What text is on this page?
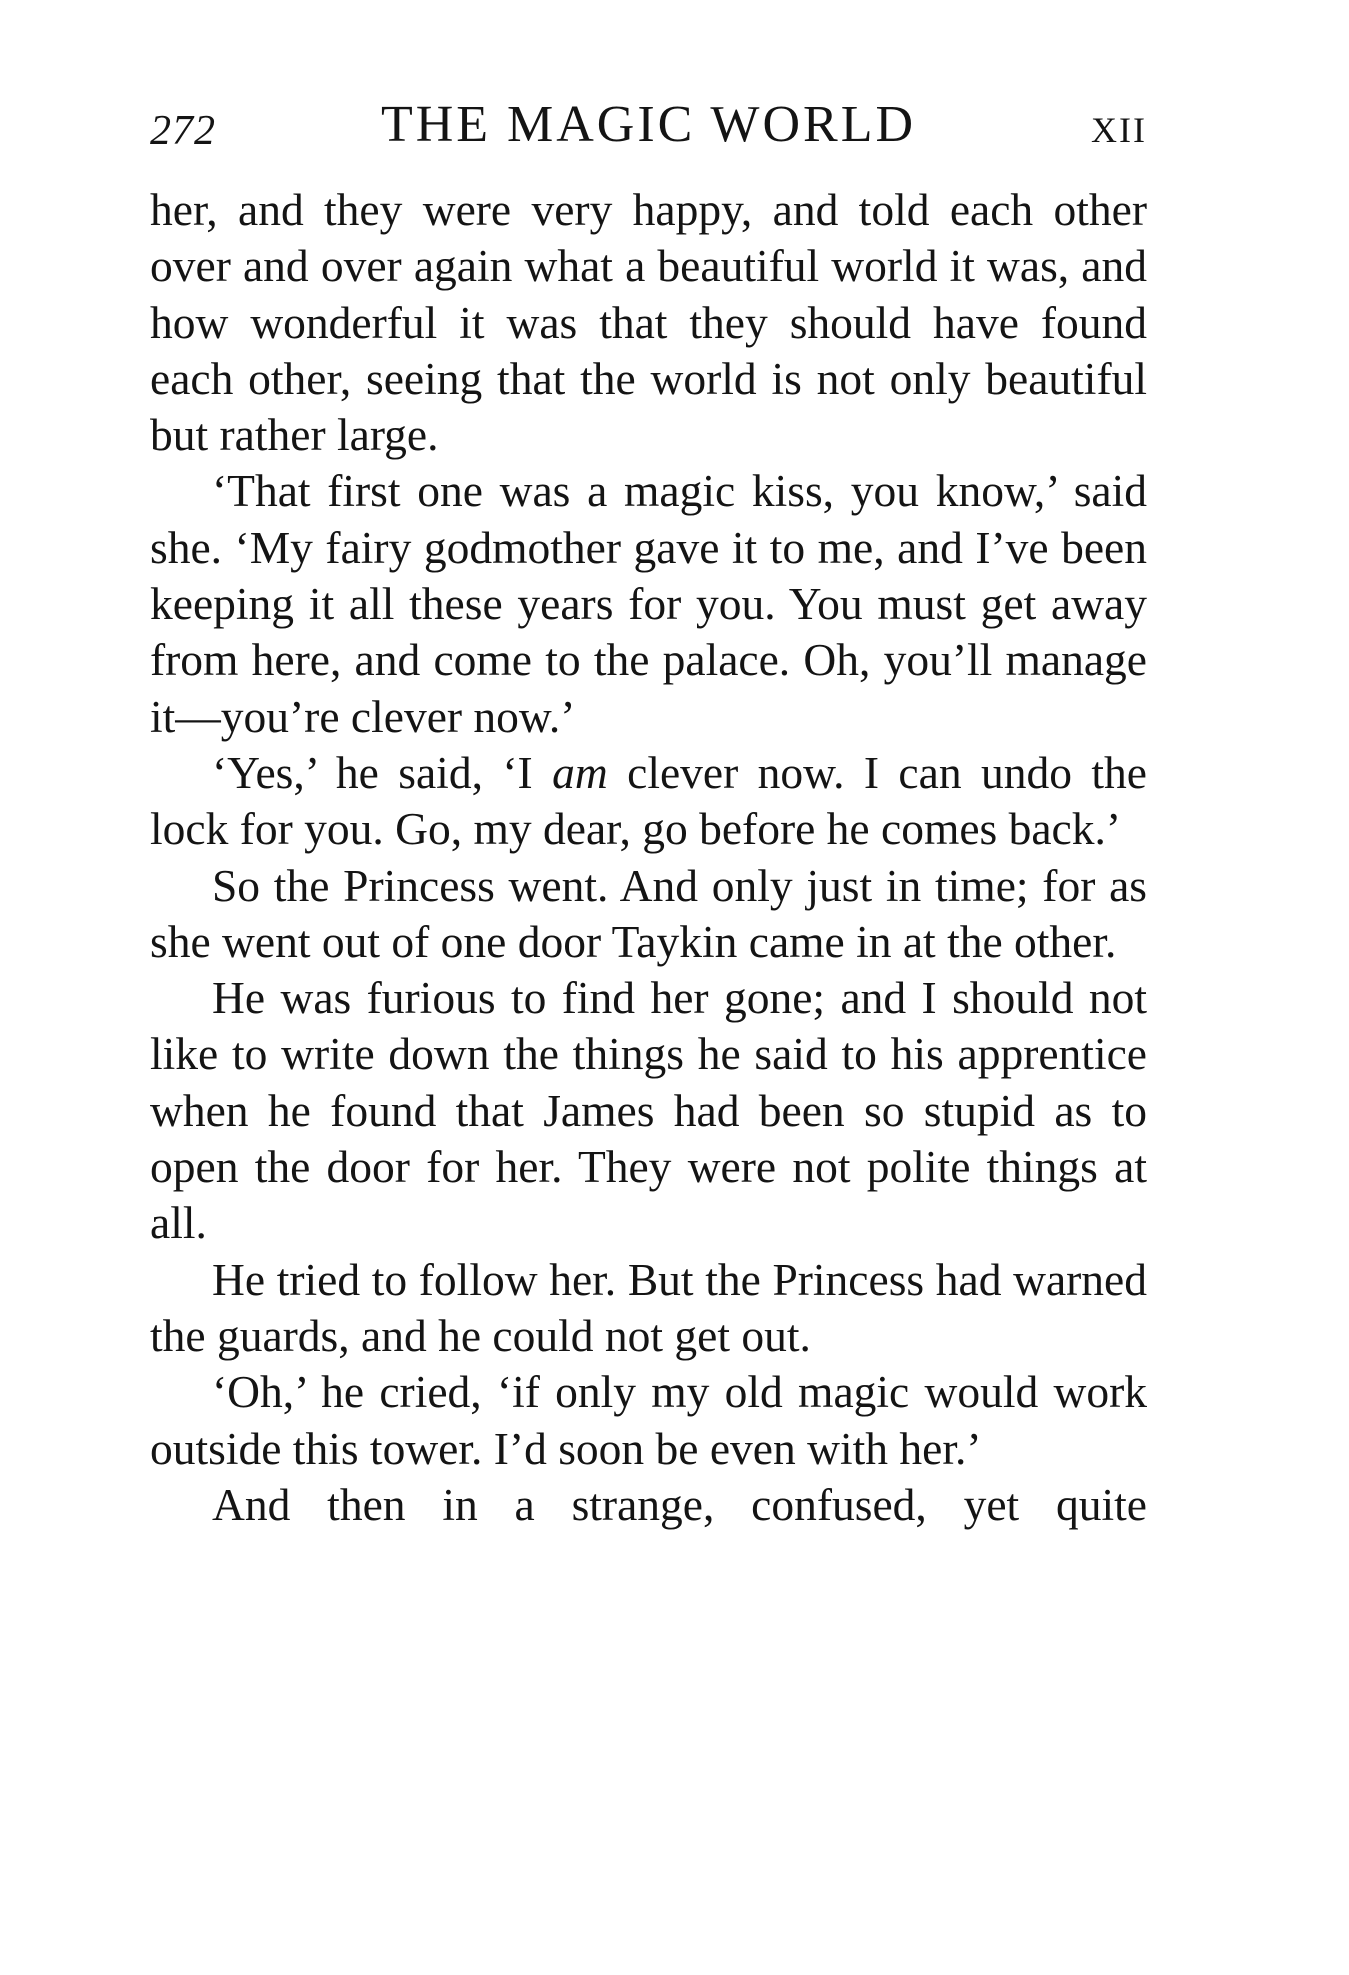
272	THE MAGIC WORLD	XII

her, and they were very happy, and told each other over and over again what a beautiful world it was, and how wonderful it was that they should have found each other, seeing that the world is not only beautiful but rather large.

‘That first one was a magic kiss, you know,’ said she. ‘My fairy godmother gave it to me, and I’ve been keeping it all these years for you. You must get away from here, and come to the palace. Oh, you’ll manage it—you’re clever now.’

‘Yes,’ he said, ‘I am clever now. I can undo the lock for you. Go, my dear, go before he comes back.’

So the Princess went. And only just in time; for as she went out of one door Taykin came in at the other.

He was furious to find her gone; and I should not like to write down the things he said to his apprentice when he found that James had been so stupid as to open the door for her. They were not polite things at all.

He tried to follow her. But the Princess had warned the guards, and he could not get out.

‘Oh,’ he cried, ‘if only my old magic would work outside this tower. I’d soon be even with her.’

And then in a strange, confused, yet quite
